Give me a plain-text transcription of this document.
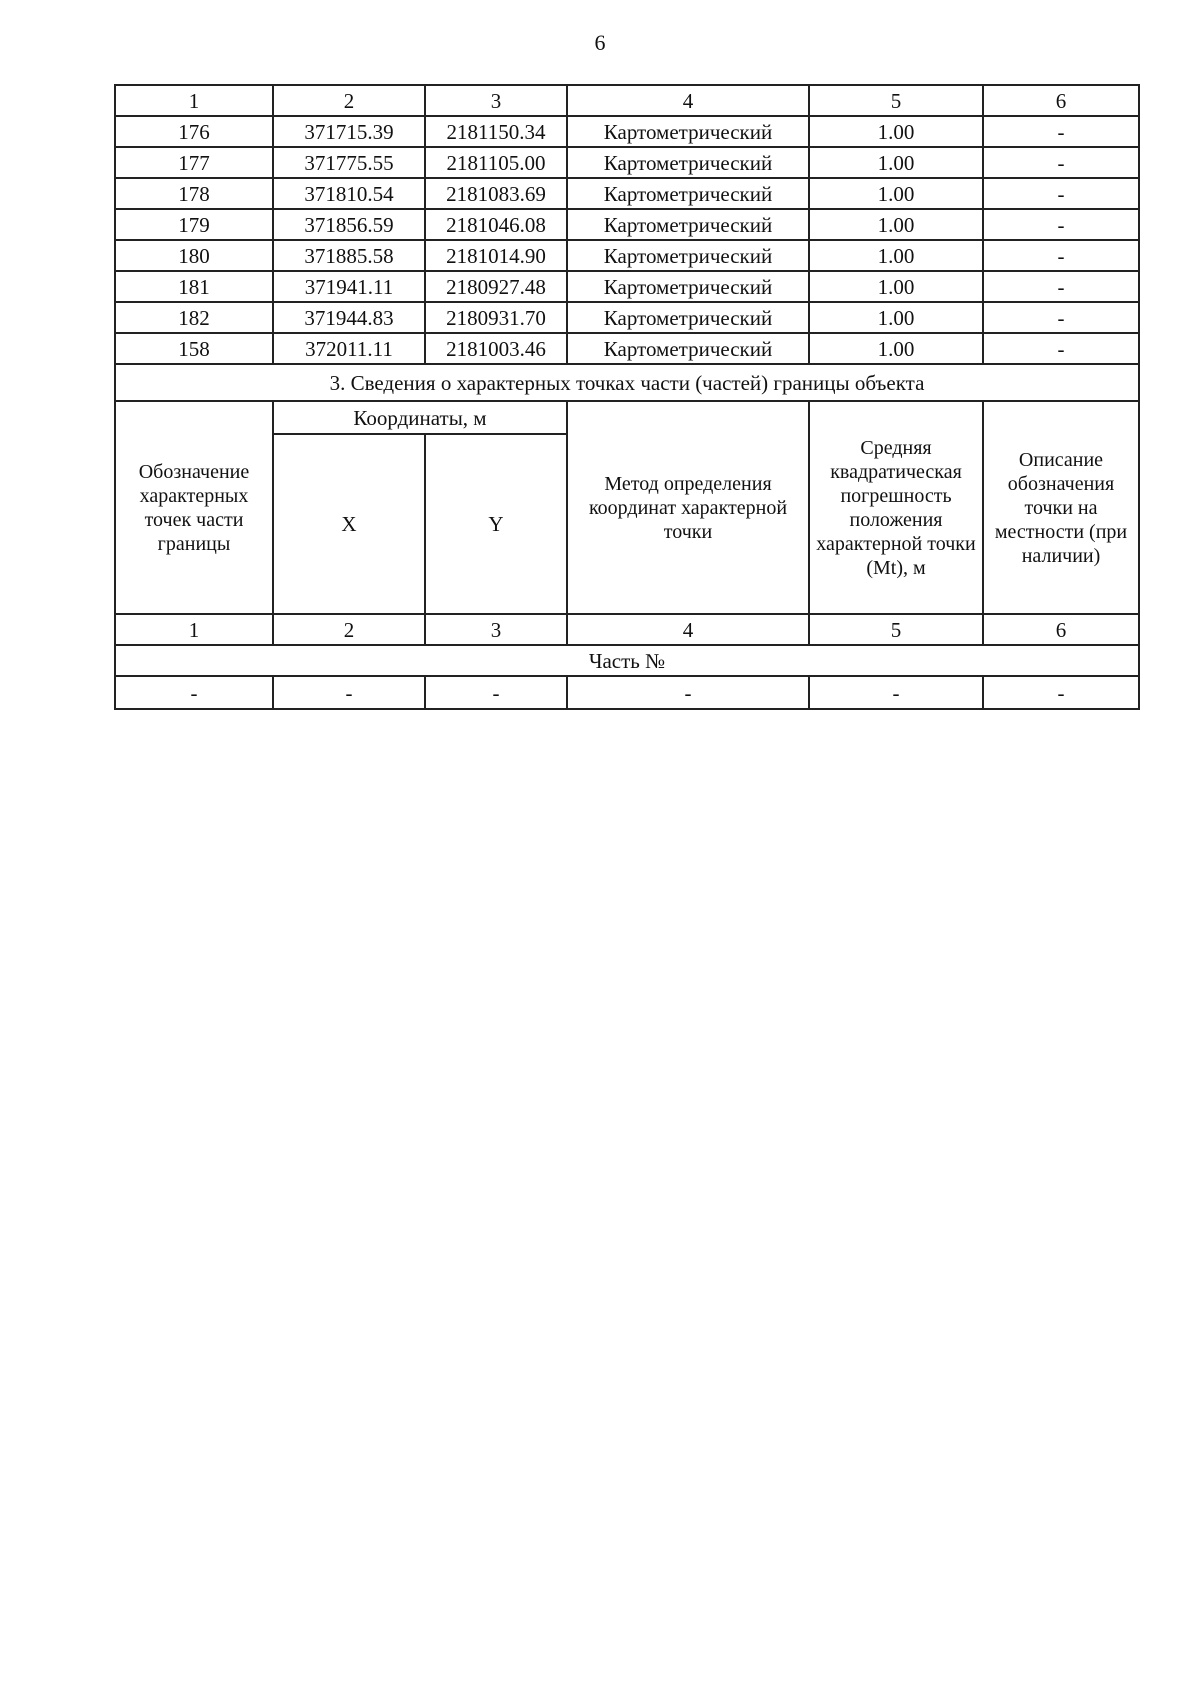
6
1	2	3	4	5	6
176	371715.39	2181150.34	Картометрический	1.00	-
177	371775.55	2181105.00	Картометрический	1.00	-
178	371810.54	2181083.69	Картометрический	1.00	-
179	371856.59	2181046.08	Картометрический	1.00	-
180	371885.58	2181014.90	Картометрический	1.00	-
181	371941.11	2180927.48	Картометрический	1.00	-
182	371944.83	2180931.70	Картометрический	1.00	-
158	372011.11	2181003.46	Картометрический	1.00	-
3. Сведения о характерных точках части (частей) границы объекта					
Обозначение характерных точек части границы	Координаты, м		Метод определения координат характерной точки	Средняя квадратическая погрешность положения характерной точки (Mt), м	Описание обозначения точки на местности (при наличии)
	X	Y			
1	2	3	4	5	6
Часть №					
-	-	-	-	-	-
